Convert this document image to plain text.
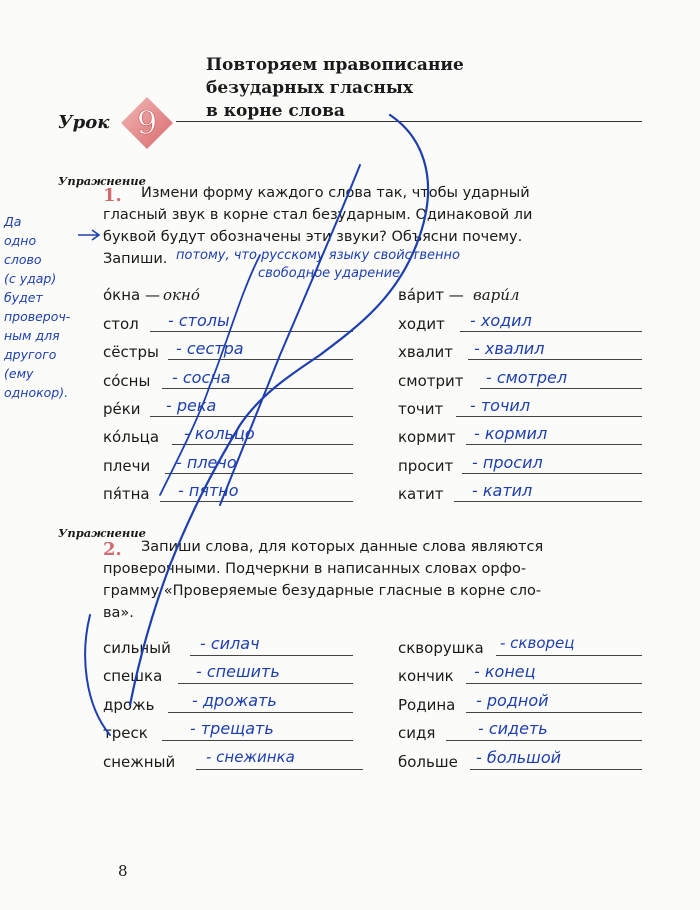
Повторяем правописание
безударных гласных
в корне слова
Урок 9
Упражнение
1. Измени форму каждого слова так, чтобы ударный
гласный звук в корне стал безударным. Одинаковой ли
буквой будут обозначены эти звуки? Объясни почему.
Запиши. потому, что русскому языку свойственно
свободное ударение
Да
одно
слово
(с удар)
будет
провероч-
ным для
другого
(ему
однокор).
о́кна — окно́
стол - столы
сёстры - сестра
со́сны - сосна
ре́ки - река
ко́льца - кольцо
плечи - плечо
пя́тна - пятно
ва́рит — вари́л
ходит - ходил
хвалит - хвалил
смотрит - смотрел
точит - точил
кормит - кормил
просит - просил
катит - катил
Упражнение
2. Запиши слова, для которых данные слова являются
проверочными. Подчеркни в написанных словах орфо-
грамму «Проверяемые безударные гласные в корне сло-
ва».
сильный - силач
спешка - спешить
дрожь - дрожать
треск	- трещать
снежный - снежинка
скворушка - скворец
кончик - конец
Родина - родной
сидя	- сидеть
больше - большой
8
